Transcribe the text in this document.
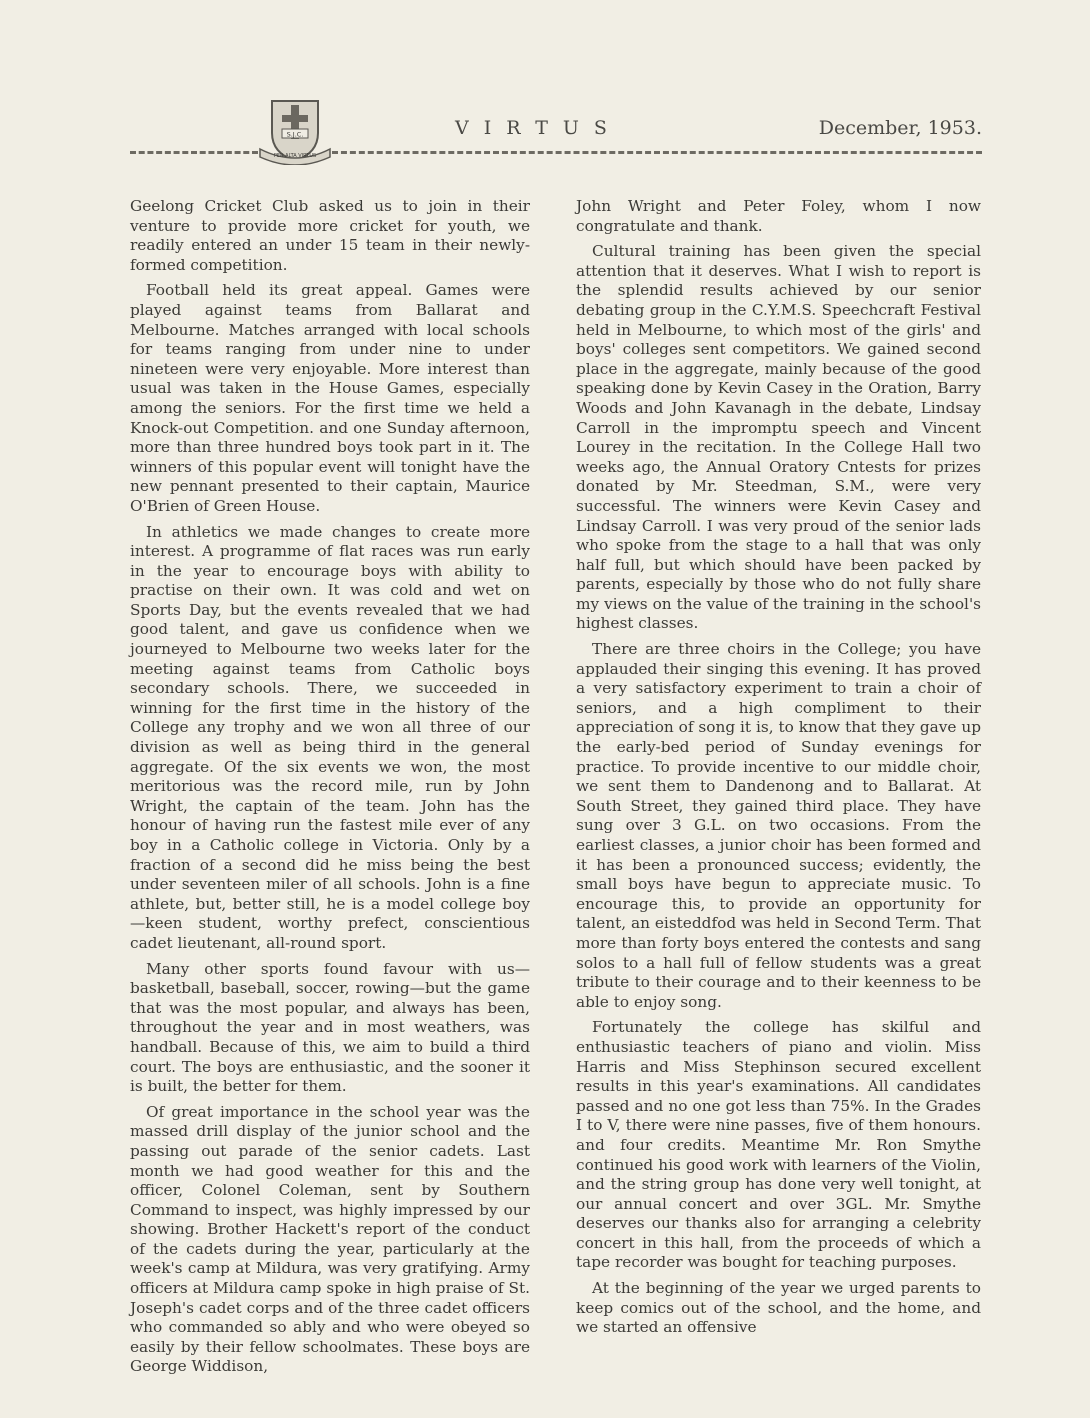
S.J.C.
PER ALTA VIRTUS
VIRTUS	December, 1953.

Geelong Cricket Club asked us to join in their venture to provide more cricket for youth, we readily entered an under 15 team in their newly-formed competition.

Football held its great appeal. Games were played against teams from Ballarat and Melbourne. Matches arranged with local schools for teams ranging from under nine to under nineteen were very enjoyable. More interest than usual was taken in the House Games, especially among the seniors. For the first time we held a Knock-out Competition. and one Sunday afternoon, more than three hundred boys took part in it. The winners of this popular event will tonight have the new pennant presented to their captain, Maurice O'Brien of Green House.

In athletics we made changes to create more interest. A programme of flat races was run early in the year to encourage boys with ability to practise on their own. It was cold and wet on Sports Day, but the events revealed that we had good talent, and gave us confidence when we journeyed to Melbourne two weeks later for the meeting against teams from Catholic boys secondary schools. There, we succeeded in winning for the first time in the history of the College any trophy and we won all three of our division as well as being third in the general aggregate. Of the six events we won, the most meritorious was the record mile, run by John Wright, the captain of the team. John has the honour of having run the fastest mile ever of any boy in a Catholic college in Victoria. Only by a fraction of a second did he miss being the best under seventeen miler of all schools. John is a fine athlete, but, better still, he is a model college boy—keen student, worthy prefect, conscientious cadet lieutenant, all-round sport.

Many other sports found favour with us—basketball, baseball, soccer, rowing—but the game that was the most popular, and always has been, throughout the year and in most weathers, was handball. Because of this, we aim to build a third court. The boys are enthusiastic, and the sooner it is built, the better for them.

Of great importance in the school year was the massed drill display of the junior school and the passing out parade of the senior cadets. Last month we had good weather for this and the officer, Colonel Coleman, sent by Southern Command to inspect, was highly impressed by our showing. Brother Hackett's report of the conduct of the cadets during the year, particularly at the week's camp at Mildura, was very gratifying. Army officers at Mildura camp spoke in high praise of St. Joseph's cadet corps and of the three cadet officers who commanded so ably and who were obeyed so easily by their fellow schoolmates. These boys are George Widdison,

John Wright and Peter Foley, whom I now congratulate and thank.

Cultural training has been given the special attention that it deserves. What I wish to report is the splendid results achieved by our senior debating group in the C.Y.M.S. Speechcraft Festival held in Melbourne, to which most of the girls' and boys' colleges sent competitors. We gained second place in the aggregate, mainly because of the good speaking done by Kevin Casey in the Oration, Barry Woods and John Kavanagh in the debate, Lindsay Carroll in the impromptu speech and Vincent Lourey in the recitation. In the College Hall two weeks ago, the Annual Oratory Cntests for prizes donated by Mr. Steedman, S.M., were very successful. The winners were Kevin Casey and Lindsay Carroll. I was very proud of the senior lads who spoke from the stage to a hall that was only half full, but which should have been packed by parents, especially by those who do not fully share my views on the value of the training in the school's highest classes.

There are three choirs in the College; you have applauded their singing this evening. It has proved a very satisfactory experiment to train a choir of seniors, and a high compliment to their appreciation of song it is, to know that they gave up the early-bed period of Sunday evenings for practice. To provide incentive to our middle choir, we sent them to Dandenong and to Ballarat. At South Street, they gained third place. They have sung over 3 G.L. on two occasions. From the earliest classes, a junior choir has been formed and it has been a pronounced success; evidently, the small boys have begun to appreciate music. To encourage this, to provide an opportunity for talent, an eisteddfod was held in Second Term. That more than forty boys entered the contests and sang solos to a hall full of fellow students was a great tribute to their courage and to their keenness to be able to enjoy song.

Fortunately the college has skilful and enthusiastic teachers of piano and violin. Miss Harris and Miss Stephinson secured excellent results in this year's examinations. All candidates passed and no one got less than 75%. In the Grades I to V, there were nine passes, five of them honours. and four credits. Meantime Mr. Ron Smythe continued his good work with learners of the Violin, and the string group has done very well tonight, at our annual concert and over 3GL. Mr. Smythe deserves our thanks also for arranging a celebrity concert in this hall, from the proceeds of which a tape recorder was bought for teaching purposes.

At the beginning of the year we urged parents to keep comics out of the school, and the home, and we started an offensive
